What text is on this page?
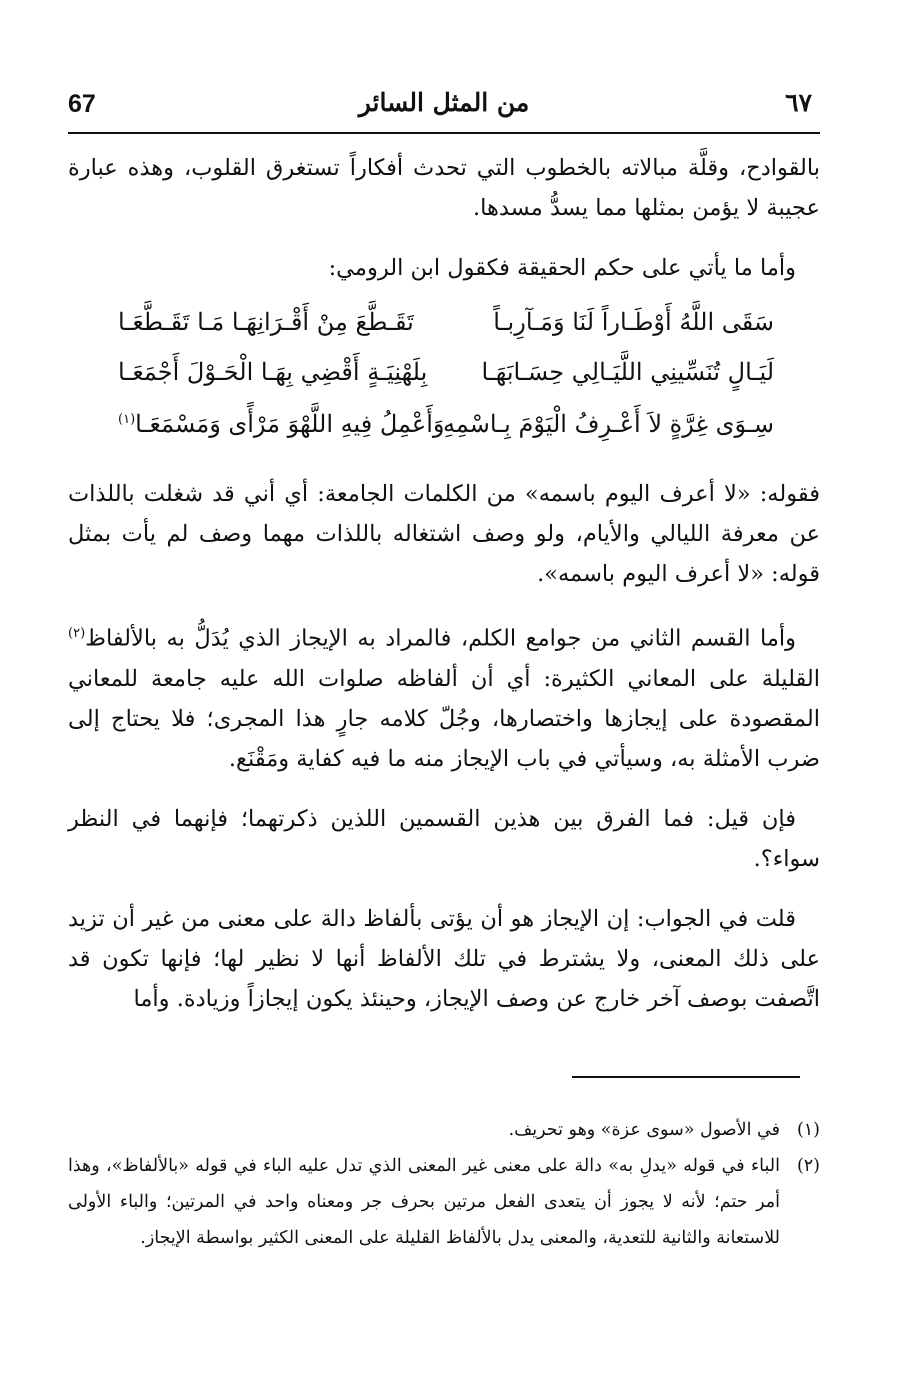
67	من المثل السائر	٦٧

بالقوادح، وقلَّة مبالاته بالخطوب التي تحدث أفكاراً تستغرق القلوب، وهذه عبارة عجيبة لا يؤمن بمثلها مما يسدُّ مسدها.

وأما ما يأتي على حكم الحقيقة فكقول ابن الرومي:

سَقَى اللَّهُ أَوْطَـاراً لَنَا وَمَـآرِبـاً
تَقَـطَّعَ مِنْ أَقْـرَانِهَـا مَـا تَقَـطَّعَـا
لَيَـالٍ تُنَسِّينِي اللَّيَـالِي حِسَـابَهَـا
بِلَهْنِيَـةٍ أَقْضِي بِهَـا الْحَـوْلَ أَجْمَعَـا
سِـوَى غِرَّةٍ لاَ أَعْـرِفُ الْيَوْمَ بِـاسْمِهِ
وَأَعْمِلُ فِيهِ اللَّهْوَ مَرْأًى وَمَسْمَعَـا$^{(١)}$

فقوله: «لا أعرف اليوم باسمه» من الكلمات الجامعة: أي أني قد شغلت باللذات عن معرفة الليالي والأيام، ولو وصف اشتغاله باللذات مهما وصف لم يأت بمثل قوله: «لا أعرف اليوم باسمه».

وأما القسم الثاني من جوامع الكلم، فالمراد به الإيجاز الذي يُدَلُّ به بالألفاظ$^{(٢)}$ القليلة على المعاني الكثيرة: أي أن ألفاظه صلوات الله عليه جامعة للمعاني المقصودة على إيجازها واختصارها، وجُلّ كلامه جارٍ هذا المجرى؛ فلا يحتاج إلى ضرب الأمثلة به، وسيأتي في باب الإيجاز منه ما فيه كفاية ومَقْنَع.

فإن قيل: فما الفرق بين هذين القسمين اللذين ذكرتهما؛ فإنهما في النظر سواء؟.

قلت في الجواب: إن الإيجاز هو أن يؤتى بألفاظ دالة على معنى من غير أن تزيد على ذلك المعنى، ولا يشترط في تلك الألفاظ أنها لا نظير لها؛ فإنها تكون قد اتَّصفت بوصف آخر خارج عن وصف الإيجاز، وحينئذ يكون إيجازاً وزيادة. وأما

(١)
في الأصول «سوى عزة» وهو تحريف.
(٢)
الباء في قوله «يدلِ به» دالة على معنى غير المعنى الذي تدل عليه الباء في قوله «بالألفاظ»، وهذا أمر حتم؛ لأنه لا يجوز أن يتعدى الفعل مرتين بحرف جر ومعناه واحد في المرتين؛ والباء الأولى للاستعانة والثانية للتعدية، والمعنى يدل بالألفاظ القليلة على المعنى الكثير بواسطة الإيجاز.
